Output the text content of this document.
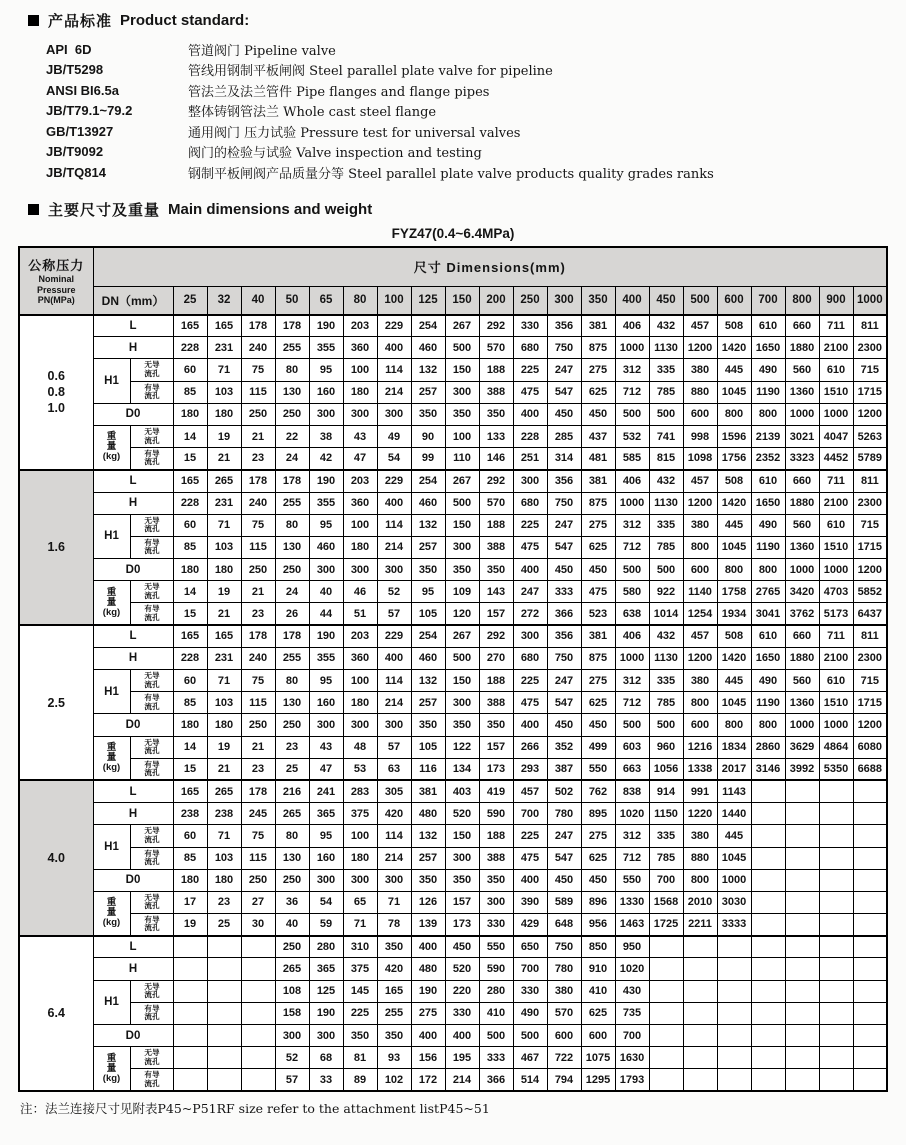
产品标准 Product standard:
API  6D	管道阀门 Pipeline valve
JB/T5298	管线用钢制平板闸阀 Steel parallel plate valve for pipeline
ANSI BI6.5a	管法兰及法兰管件 Pipe flanges and flange pipes
JB/T79.1~79.2	整体铸钢管法兰 Whole cast steel flange
GB/T13927	通用阀门 压力试验 Pressure test for universal valves
JB/T9092	阀门的检验与试验 Valve inspection and testing
JB/TQ814	钢制平板闸阀产品质量分等 Steel parallel plate valve products quality grades ranks
主要尺寸及重量 Main dimensions and weight
FYZ47(0.4~6.4MPa)
公称压力
Nominal
Pressure
PN(MPa)	尺寸 Dimensions(mm)																						
	DN（mm）		25	32	40	50	65	80	100	125	150	200	250	300	350	400	450	500	600	700	800	900	1000

0.6
0.8
1.0	L		165	165	178	178	190	203	229	254	267	292	330	356	381	406	432	457	508	610	660	711	811
	H		228	231	240	255	355	360	400	460	500	570	680	750	875	1000	1130	1200	1420	1650	1880	2100	2300
	H1	无导
流孔	60	71	75	80	95	100	114	132	150	188	225	247	275	312	335	380	445	490	560	610	715

		有导
流孔	85	103	115	130	160	180	214	257	300	388	475	547	625	712	785	880	1045	1190	1360	1510	1715
	D0		180	180	250	250	300	300	300	350	350	350	400	450	450	500	500	600	800	800	1000	1000	1200

重
量
(kg)

无导
流孔	14	19	21	22	38	43	49	90	100	133	228	285	437	532	741	998	1596	2139	3021	4047	5263

		有导
流孔	15	21	23	24	42	47	54	99	110	146	251	314	481	585	815	1098	1756	2352	3323	4452	5789

1.6	L		165	265	178	178	190	203	229	254	267	292	300	356	381	406	432	457	508	610	660	711	811
	H		228	231	240	255	355	360	400	460	500	570	680	750	875	1000	1130	1200	1420	1650	1880	2100	2300
	H1	无导
流孔	60	71	75	80	95	100	114	132	150	188	225	247	275	312	335	380	445	490	560	610	715

		有导
流孔	85	103	115	130	460	180	214	257	300	388	475	547	625	712	785	800	1045	1190	1360	1510	1715
	D0		180	180	250	250	300	300	300	350	350	350	400	450	450	500	500	600	800	800	1000	1000	1200

重
量
(kg)

无导
流孔	14	19	21	24	40	46	52	95	109	143	247	333	475	580	922	1140	1758	2765	3420	4703	5852

		有导
流孔	15	21	23	26	44	51	57	105	120	157	272	366	523	638	1014	1254	1934	3041	3762	5173	6437

2.5	L		165	165	178	178	190	203	229	254	267	292	300	356	381	406	432	457	508	610	660	711	811
	H		228	231	240	255	355	360	400	460	500	270	680	750	875	1000	1130	1200	1420	1650	1880	2100	2300
	H1	无导
流孔	60	71	75	80	95	100	114	132	150	188	225	247	275	312	335	380	445	490	560	610	715

		有导
流孔	85	103	115	130	160	180	214	257	300	388	475	547	625	712	785	800	1045	1190	1360	1510	1715
	D0		180	180	250	250	300	300	300	350	350	350	400	450	450	500	500	600	800	800	1000	1000	1200

重
量
(kg)

无导
流孔	14	19	21	23	43	48	57	105	122	157	266	352	499	603	960	1216	1834	2860	3629	4864	6080

		有导
流孔	15	21	23	25	47	53	63	116	134	173	293	387	550	663	1056	1338	2017	3146	3992	5350	6688

4.0	L		165	265	178	216	241	283	305	381	403	419	457	502	762	838	914	991	1143				
	H		238	238	245	265	365	375	420	480	520	590	700	780	895	1020	1150	1220	1440				
	H1	无导
流孔	60	71	75	80	95	100	114	132	150	188	225	247	275	312	335	380	445				

		有导
流孔	85	103	115	130	160	180	214	257	300	388	475	547	625	712	785	880	1045				
	D0		180	180	250	250	300	300	300	350	350	350	400	450	450	550	700	800	1000				

重
量
(kg)

无导
流孔	17	23	27	36	54	65	71	126	157	300	390	589	896	1330	1568	2010	3030				

		有导
流孔	19	25	30	40	59	71	78	139	173	330	429	648	956	1463	1725	2211	3333				

6.4	L					250	280	310	350	400	450	550	650	750	850	950							
	H					265	365	375	420	480	520	590	700	780	910	1020							
	H1	无导
流孔				108	125	145	165	190	220	280	330	380	410	430							

		有导
流孔				158	190	225	255	275	330	410	490	570	625	735							
	D0					300	300	350	350	400	400	500	500	600	600	700							

重
量
(kg)

无导
流孔				52	68	81	93	156	195	333	467	722	1075	1630							

		有导
流孔				57	33	89	102	172	214	366	514	794	1295	1793							
注：法兰连接尺寸见附表P45~P51RF size refer to the attachment listP45~51
